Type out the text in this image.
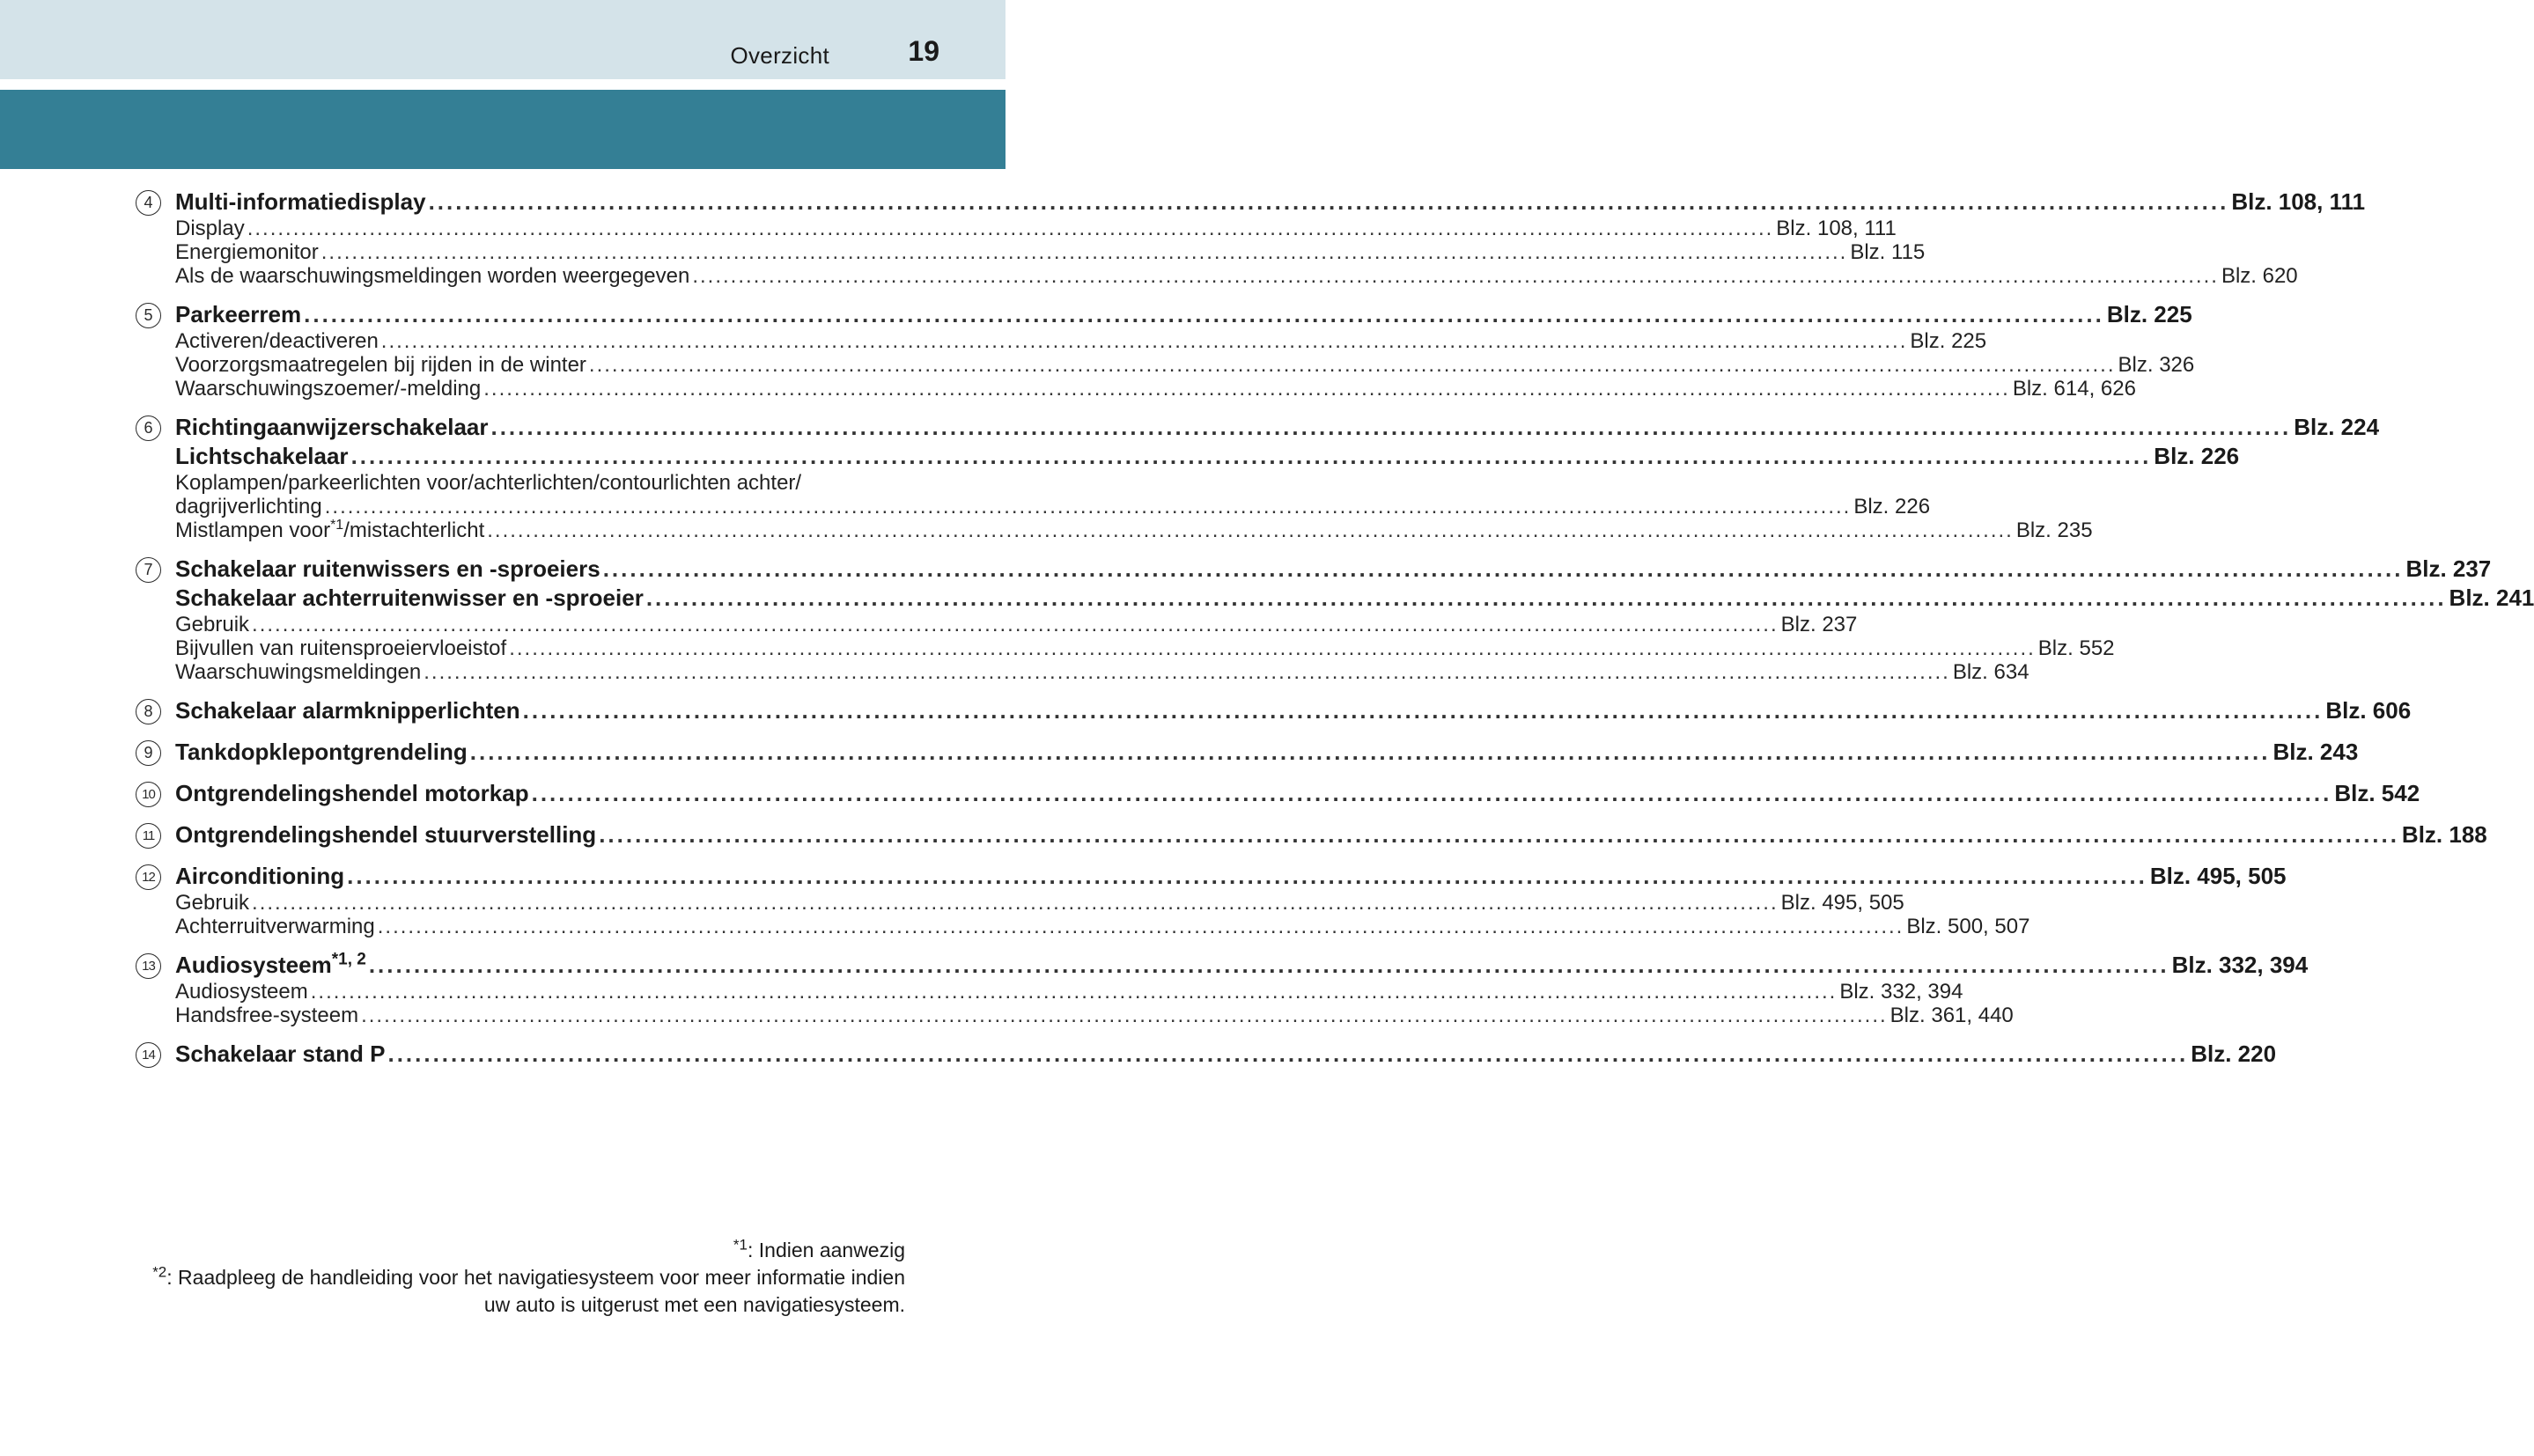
Overzicht	19
4 Multi-informatiedisplay ........................................................................................................................................................................................................ Blz. 108, 111
Display ........................................................................................................................................................................................................ Blz. 108, 111
Energiemonitor ........................................................................................................................................................................................................ Blz. 115
Als de waarschuwingsmeldingen worden weergegeven ........................................................................................................................................................................................................ Blz. 620
5 Parkeerrem ........................................................................................................................................................................................................ Blz. 225
Activeren/deactiveren ........................................................................................................................................................................................................ Blz. 225
Voorzorgsmaatregelen bij rijden in de winter ........................................................................................................................................................................................................ Blz. 326
Waarschuwingszoemer/-melding ........................................................................................................................................................................................................ Blz. 614, 626
6 Richtingaanwijzerschakelaar ........................................................................................................................................................................................................ Blz. 224
Lichtschakelaar ........................................................................................................................................................................................................ Blz. 226
Koplampen/parkeerlichten voor/achterlichten/contourlichten achter/
dagrijverlichting ........................................................................................................................................................................................................ Blz. 226
Mistlampen voor$^{*1}$/mistachterlicht ........................................................................................................................................................................................................ Blz. 235
7 Schakelaar ruitenwissers en -sproeiers ........................................................................................................................................................................................................ Blz. 237
Schakelaar achterruitenwisser en -sproeier ........................................................................................................................................................................................................ Blz. 241
Gebruik ........................................................................................................................................................................................................ Blz. 237
Bijvullen van ruitensproeiervloeistof ........................................................................................................................................................................................................ Blz. 552
Waarschuwingsmeldingen ........................................................................................................................................................................................................ Blz. 634
8 Schakelaar alarmknipperlichten ........................................................................................................................................................................................................ Blz. 606
9 Tankdopklepontgrendeling ........................................................................................................................................................................................................ Blz. 243
10 Ontgrendelingshendel motorkap ........................................................................................................................................................................................................ Blz. 542
11 Ontgrendelingshendel stuurverstelling ........................................................................................................................................................................................................ Blz. 188
12 Airconditioning ........................................................................................................................................................................................................ Blz. 495, 505
Gebruik ........................................................................................................................................................................................................ Blz. 495, 505
Achterruitverwarming ........................................................................................................................................................................................................ Blz. 500, 507
13 Audiosysteem$^{*1, 2}$ ........................................................................................................................................................................................................ Blz. 332, 394
Audiosysteem ........................................................................................................................................................................................................ Blz. 332, 394
Handsfree-systeem ........................................................................................................................................................................................................ Blz. 361, 440
14 Schakelaar stand P ........................................................................................................................................................................................................ Blz. 220
$^{*1}$: Indien aanwezig
$^{*2}$: Raadpleeg de handleiding voor het navigatiesysteem voor meer informatie indien
uw auto is uitgerust met een navigatiesysteem.
